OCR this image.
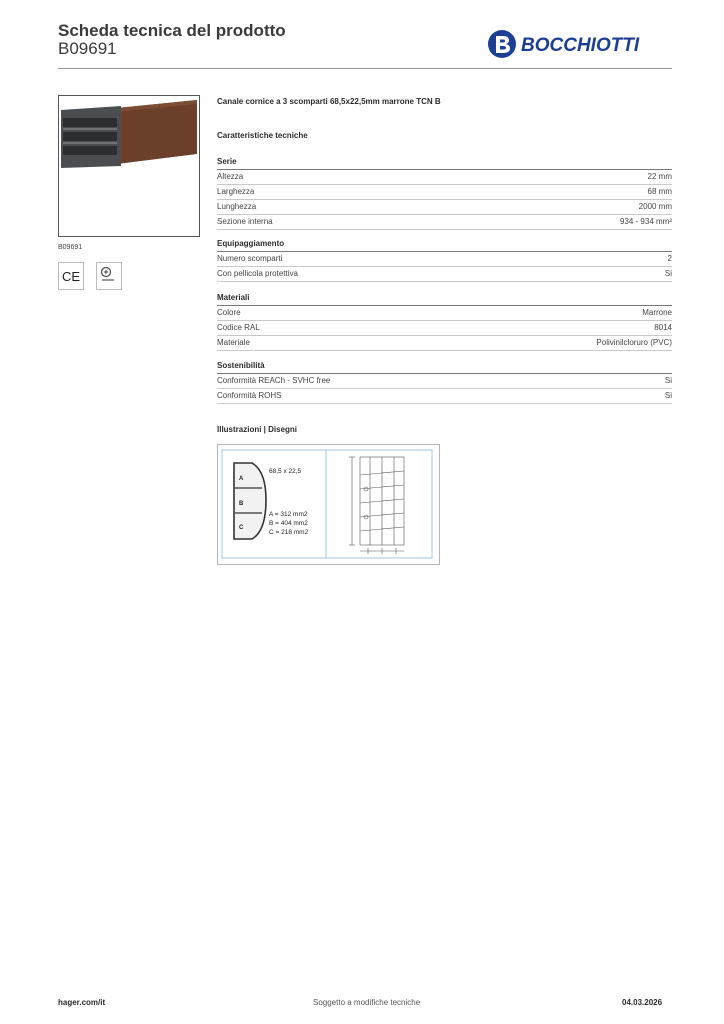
Scheda tecnica del prodotto
B09691	BOCCHIOTTI
B09691
CE
Canale cornice a 3 scomparti 68,5x22,5mm marrone TCN B
Caratteristiche tecniche
Serie
Altezza	22 mm
Larghezza	68 mm
Lunghezza	2000 mm
Sezione interna	934 - 934 mm²
Equipaggiamento
Numero scomparti	2
Con pellicola protettiva	Si
Materiali
Colore	Marrone
Codice RAL	8014
Materiale	Polivinilcloruro (PVC)
Sostenibilità
Conformità REACh - SVHC free	Si
Conformità ROHS	Si
Illustrazioni | Disegni
A
B
C
68,5 x 22,5
A = 312 mm2
B = 404 mm2
C = 218 mm2
hager.com/it	Soggetto a modifiche tecniche	04.03.2026
